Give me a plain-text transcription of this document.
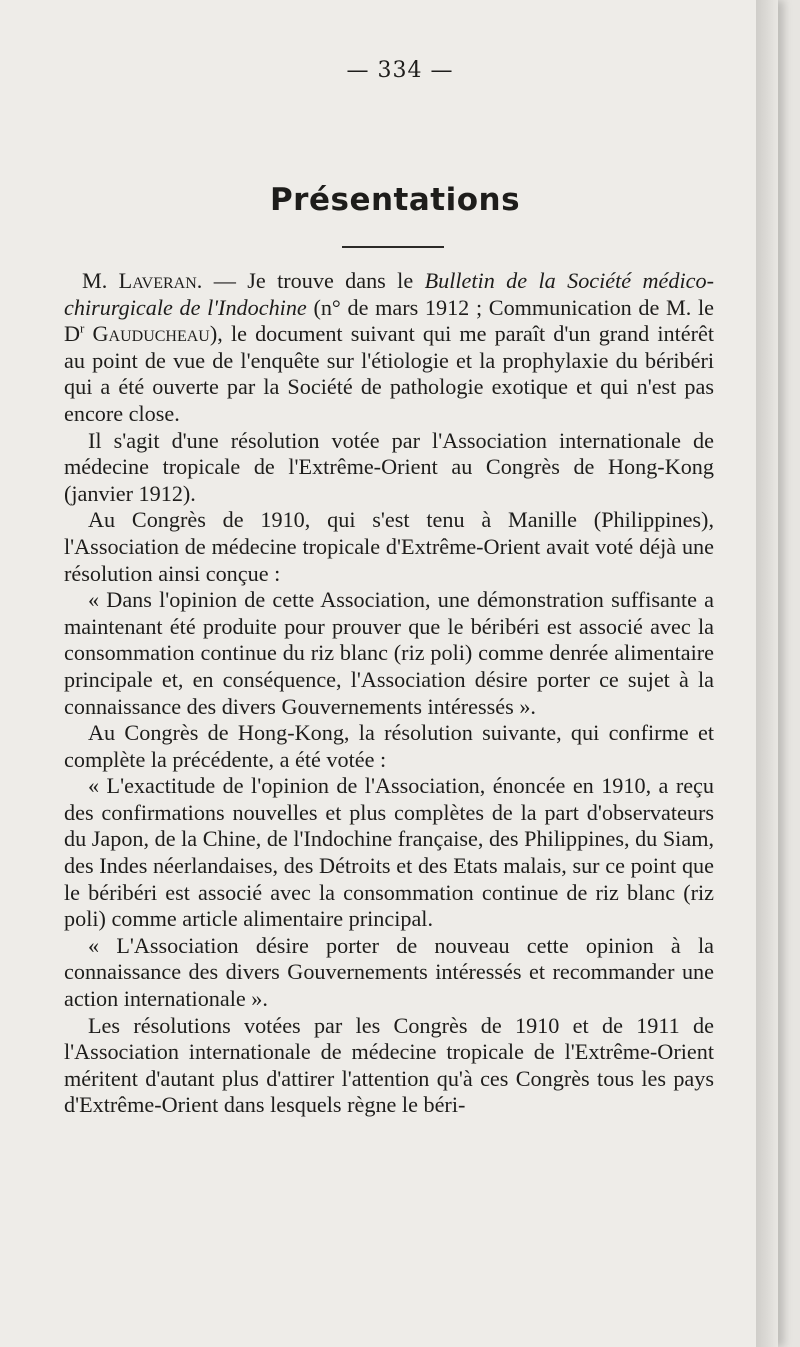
— 334 —
Présentations

M. Laveran. — Je trouve dans le Bulletin de la Société médico-chirurgicale de l'Indochine (n° de mars 1912 ; Communication de M. le $D^r$ Gauducheau), le document suivant qui me paraît d'un grand intérêt au point de vue de l'enquête sur l'étiologie et la prophylaxie du béribéri qui a été ouverte par la Société de pathologie exotique et qui n'est pas encore close.

Il s'agit d'une résolution votée par l'Association internationale de médecine tropicale de l'Extrême-Orient au Congrès de Hong-Kong (janvier 1912).

Au Congrès de 1910, qui s'est tenu à Manille (Philippines), l'Association de médecine tropicale d'Extrême-Orient avait voté déjà une résolution ainsi conçue :

« Dans l'opinion de cette Association, une démonstration suffisante a maintenant été produite pour prouver que le béribéri est associé avec la consommation continue du riz blanc (riz poli) comme denrée alimentaire principale et, en conséquence, l'Association désire porter ce sujet à la connaissance des divers Gouvernements intéressés ».

Au Congrès de Hong-Kong, la résolution suivante, qui confirme et complète la précédente, a été votée :

« L'exactitude de l'opinion de l'Association, énoncée en 1910, a reçu des confirmations nouvelles et plus complètes de la part d'observateurs du Japon, de la Chine, de l'Indochine française, des Philippines, du Siam, des Indes néerlandaises, des Détroits et des Etats malais, sur ce point que le béribéri est associé avec la consommation continue de riz blanc (riz poli) comme article alimentaire principal.

« L'Association désire porter de nouveau cette opinion à la connaissance des divers Gouvernements intéressés et recommander une action internationale ».

Les résolutions votées par les Congrès de 1910 et de 1911 de l'Association internationale de médecine tropicale de l'Extrême-Orient méritent d'autant plus d'attirer l'attention qu'à ces Congrès tous les pays d'Extrême-Orient dans lesquels règne le béri-
